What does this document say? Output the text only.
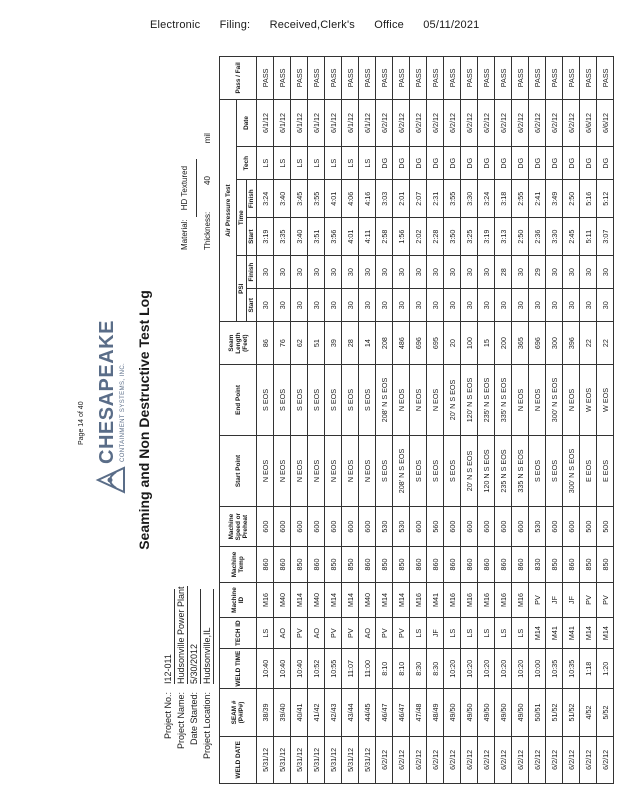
Electronic Filing: Received,Clerk's Office 05/11/2021
Page 14 of 40 CHESAPEAKE CONTAINMENT SYSTEMS, INC. Seaming and Non Destructive Test Log
Project No.:I12-011
Project Name:Hudsonville Power Plant
Date Started:5/30/2012
Project Location:Hudsonville,IL
Material: HD Textured
Thickness: 40 mil
WELD DATE	SEAM # (P#/P#)	WELD TIME	TECH ID	Machine ID	Machine Temp	Machine Speed or Preheat	Start Point	End Point	Seam Length (Feet)	Air Pressure Test						Pass / Fail
										PSI		Time		Tech	Date	
										Start	Finish	Start	Finish			
5/31/12	38/39	10:40	LS	M16	860	600	N EOS	S EOS	86	30	30	3:19	3:24	LS	6/1/12	PASS
5/31/12	39/40	10:40	AO	M40	860	600	N EOS	S EOS	76	30	30	3:35	3:40	LS	6/1/12	PASS
5/31/12	40/41	10:40	PV	M14	850	600	N EOS	S EOS	62	30	30	3:40	3:45	LS	6/1/12	PASS
5/31/12	41/42	10:52	AO	M40	860	600	N EOS	S EOS	51	30	30	3:51	3:55	LS	6/1/12	PASS
5/31/12	42/43	10:55	PV	M14	850	600	N EOS	S EOS	39	30	30	3:56	4:01	LS	6/1/12	PASS
5/31/12	43/44	11:07	PV	M14	850	600	N EOS	S EOS	28	30	30	4:01	4:06	LS	6/1/12	PASS
5/31/12	44/45	11:00	AO	M40	860	600	N EOS	S EOS	14	30	30	4:11	4:16	LS	6/1/12	PASS
6/2/12	46/47	8:10	PV	M14	850	530	S EOS	208' N S EOS	208	30	30	2:58	3:03	DG	6/2/12	PASS
6/2/12	46/47	8:10	PV	M14	850	530	208' N S EOS	N EOS	486	30	30	1:56	2:01	DG	6/2/12	PASS
6/2/12	47/48	8:30	LS	M16	860	600	S EOS	N EOS	696	30	30	2:02	2:07	DG	6/2/12	PASS
6/2/12	48/49	8:30	JF	M41	860	560	S EOS	N EOS	695	30	30	2:28	2:31	DG	6/2/12	PASS
6/2/12	49/50	10:20	LS	M16	860	600	S EOS	20' N S EOS	20	30	30	3:50	3:55	DG	6/2/12	PASS
6/2/12	49/50	10:20	LS	M16	860	600	20' N S EOS	120' N S EOS	100	30	30	3:25	3:30	DG	6/2/12	PASS
6/2/12	49/50	10:20	LS	M16	860	600	120 N S EOS	235' N S EOS	15	30	30	3:19	3:24	DG	6/2/12	PASS
6/2/12	49/50	10:20	LS	M16	860	600	235 N S EOS	335' N S EOS	200	30	28	3:13	3:18	DG	6/2/12	PASS
6/2/12	49/50	10:20	LS	M16	860	600	335 N S EOS	N EOS	365	30	30	2:50	2:55	DG	6/2/12	PASS
6/2/12	50/51	10:00	M14	PV	830	530	S EOS	N EOS	696	30	29	2:36	2:41	DG	6/2/12	PASS
6/2/12	51/52	10:35	M41	JF	850	600	S EOS	300' N S EOS	300	30	30	3:30	3:49	DG	6/2/12	PASS
6/2/12	51/52	10:35	M41	JF	860	600	300' N S EOS	N EOS	396	30	30	2:45	2:50	DG	6/2/12	PASS
6/2/12	4/52	1:18	M14	PV	850	500	E EOS	W EOS	22	30	30	5:11	5:16	DG	6/6/12	PASS
6/2/12	5/52	1:20	M14	PV	850	500	E EOS	W EOS	22	30	30	3:07	5:12	DG	6/6/12	PASS
